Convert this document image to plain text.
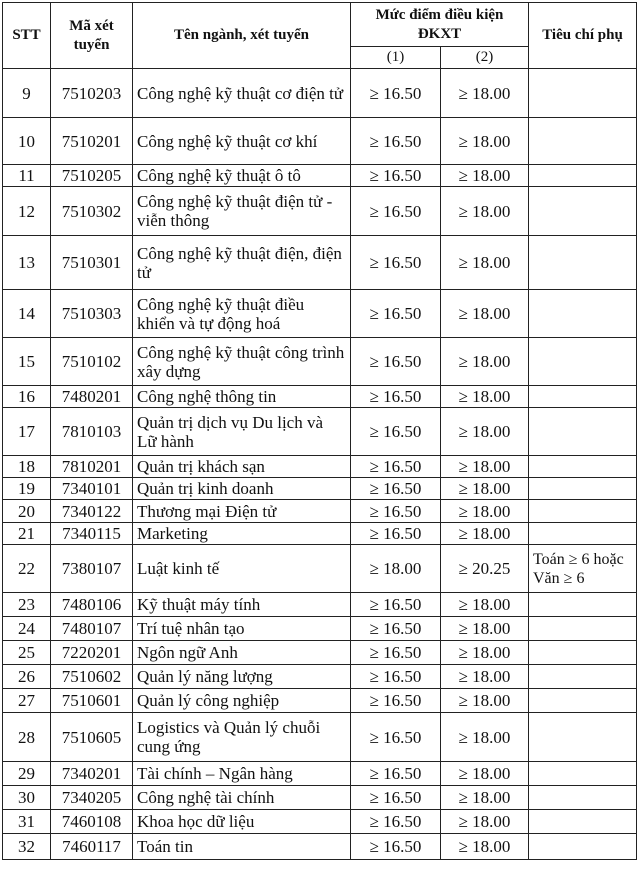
STT	Mã xét tuyển	Tên ngành, xét tuyển	Mức điểm điều kiện ĐKXT		Tiêu chí phụ
			(1)	(2)	
9	7510203	Công nghệ kỹ thuật cơ điện tử	≥ 16.50	≥ 18.00	
10	7510201	Công nghệ kỹ thuật cơ khí	≥ 16.50	≥ 18.00	
11	7510205	Công nghệ kỹ thuật ô tô	≥ 16.50	≥ 18.00	
12	7510302	Công nghệ kỹ thuật điện tử - viễn thông	≥ 16.50	≥ 18.00	
13	7510301	Công nghệ kỹ thuật điện, điện tử	≥ 16.50	≥ 18.00	
14	7510303	Công nghệ kỹ thuật điều khiển và tự động hoá	≥ 16.50	≥ 18.00	
15	7510102	Công nghệ kỹ thuật công trình xây dựng	≥ 16.50	≥ 18.00	
16	7480201	Công nghệ thông tin	≥ 16.50	≥ 18.00	
17	7810103	Quản trị dịch vụ Du lịch và Lữ hành	≥ 16.50	≥ 18.00	
18	7810201	Quản trị khách sạn	≥ 16.50	≥ 18.00	
19	7340101	Quản trị kinh doanh	≥ 16.50	≥ 18.00	
20	7340122	Thương mại Điện tử	≥ 16.50	≥ 18.00	
21	7340115	Marketing	≥ 16.50	≥ 18.00	
22	7380107	Luật kinh tế	≥ 18.00	≥ 20.25	Toán ≥ 6 hoặc Văn ≥ 6
23	7480106	Kỹ thuật máy tính	≥ 16.50	≥ 18.00	
24	7480107	Trí tuệ nhân tạo	≥ 16.50	≥ 18.00	
25	7220201	Ngôn ngữ Anh	≥ 16.50	≥ 18.00	
26	7510602	Quản lý năng lượng	≥ 16.50	≥ 18.00	
27	7510601	Quản lý công nghiệp	≥ 16.50	≥ 18.00	
28	7510605	Logistics và Quản lý chuỗi cung ứng	≥ 16.50	≥ 18.00	
29	7340201	Tài chính – Ngân hàng	≥ 16.50	≥ 18.00	
30	7340205	Công nghệ tài chính	≥ 16.50	≥ 18.00	
31	7460108	Khoa học dữ liệu	≥ 16.50	≥ 18.00	
32	7460117	Toán tin	≥ 16.50	≥ 18.00	
